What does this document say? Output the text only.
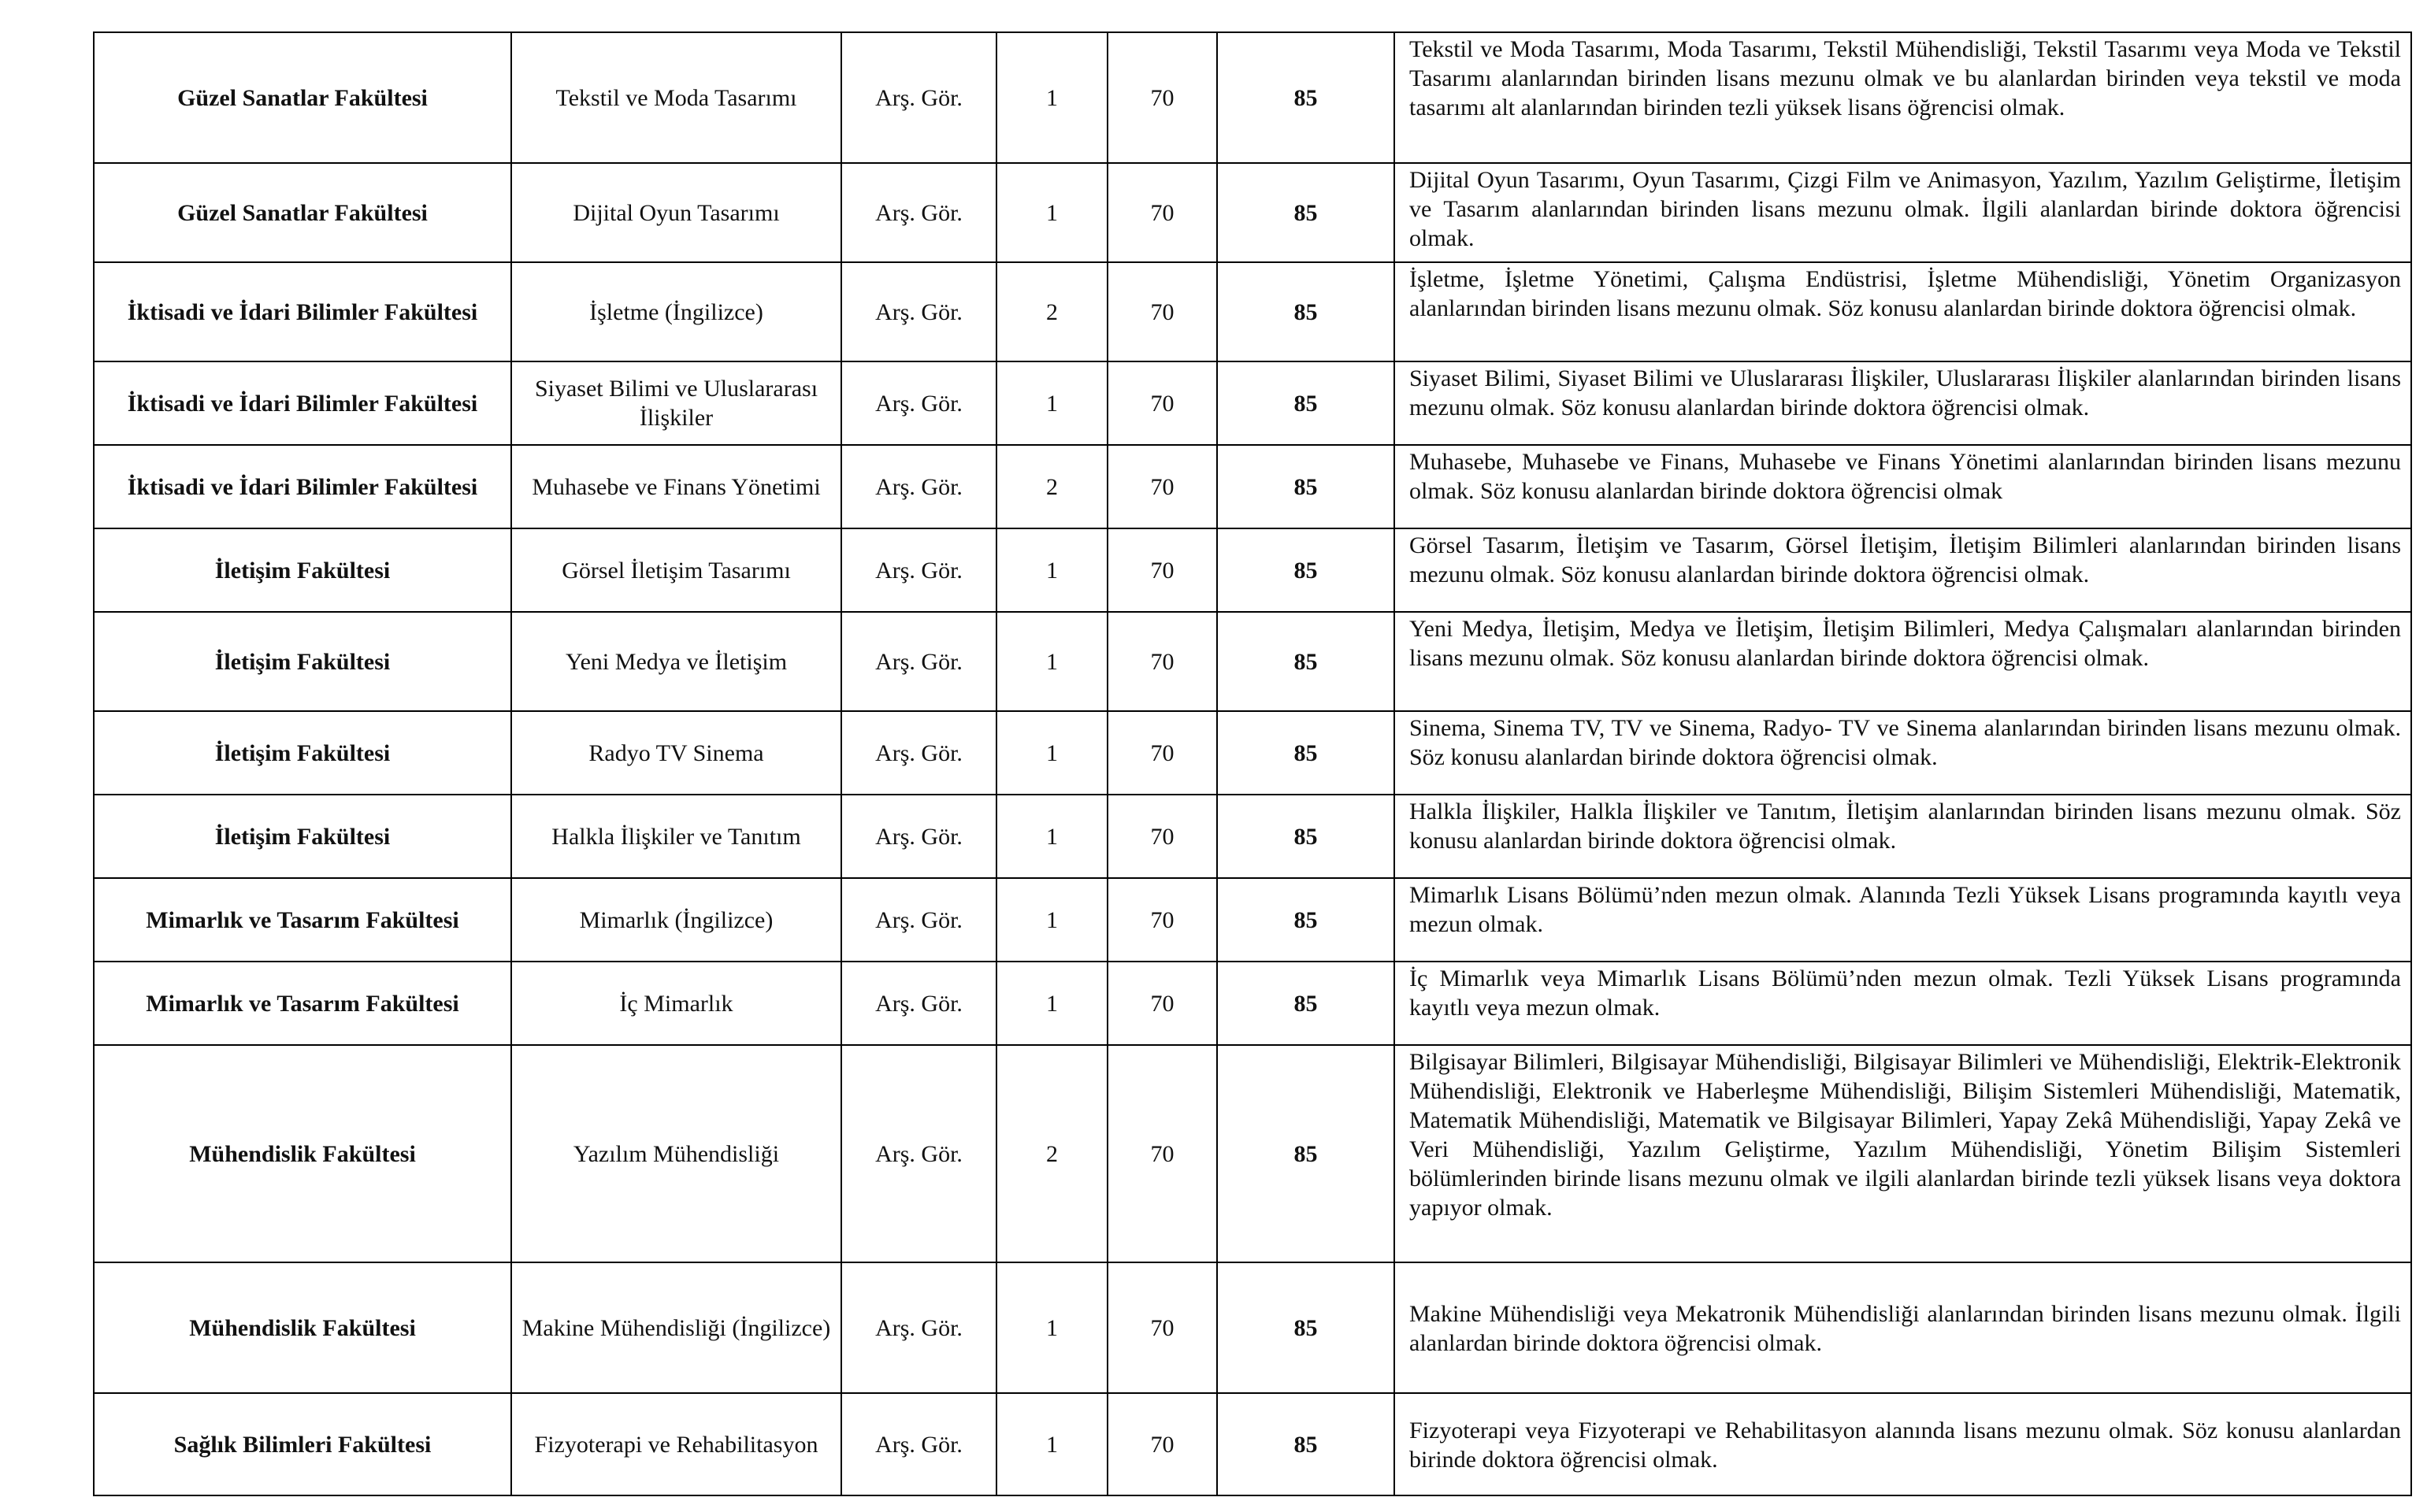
Güzel Sanatlar Fakültesi	Tekstil ve Moda Tasarımı	Arş. Gör.	1	70	85	Tekstil ve Moda Tasarımı, Moda Tasarımı, Tekstil Mühendisliği, Tekstil Tasarımı veya Moda ve Tekstil Tasarımı alanlarından birinden lisans mezunu olmak ve bu alanlardan birinden veya tekstil ve moda tasarımı alt alanlarından birinden tezli yüksek lisans öğrencisi olmak.
Güzel Sanatlar Fakültesi	Dijital Oyun Tasarımı	Arş. Gör.	1	70	85	Dijital Oyun Tasarımı, Oyun Tasarımı, Çizgi Film ve Animasyon, Yazılım, Yazılım Geliştirme, İletişim ve Tasarım alanlarından birinden lisans mezunu olmak. İlgili alanlardan birinde doktora öğrencisi olmak.
İktisadi ve İdari Bilimler Fakültesi	İşletme (İngilizce)	Arş. Gör.	2	70	85	İşletme, İşletme Yönetimi, Çalışma Endüstrisi, İşletme Mühendisliği, Yönetim Organizasyon alanlarından birinden lisans mezunu olmak. Söz konusu alanlardan birinde doktora öğrencisi olmak.
İktisadi ve İdari Bilimler Fakültesi	Siyaset Bilimi ve Uluslararası İlişkiler	Arş. Gör.	1	70	85	Siyaset Bilimi, Siyaset Bilimi ve Uluslararası İlişkiler, Uluslararası İlişkiler alanlarından birinden lisans mezunu olmak. Söz konusu alanlardan birinde doktora öğrencisi olmak.
İktisadi ve İdari Bilimler Fakültesi	Muhasebe ve Finans Yönetimi	Arş. Gör.	2	70	85	Muhasebe, Muhasebe ve Finans, Muhasebe ve Finans Yönetimi alanlarından birinden lisans mezunu olmak. Söz konusu alanlardan birinde doktora öğrencisi olmak
İletişim Fakültesi	Görsel İletişim Tasarımı	Arş. Gör.	1	70	85	Görsel Tasarım, İletişim ve Tasarım, Görsel İletişim, İletişim Bilimleri alanlarından birinden lisans mezunu olmak. Söz konusu alanlardan birinde doktora öğrencisi olmak.
İletişim Fakültesi	Yeni Medya ve İletişim	Arş. Gör.	1	70	85	Yeni Medya, İletişim, Medya ve İletişim, İletişim Bilimleri, Medya Çalışmaları alanlarından birinden lisans mezunu olmak. Söz konusu alanlardan birinde doktora öğrencisi olmak.
İletişim Fakültesi	Radyo TV Sinema	Arş. Gör.	1	70	85	Sinema, Sinema TV, TV ve Sinema, Radyo- TV ve Sinema alanlarından birinden lisans mezunu olmak. Söz konusu alanlardan birinde doktora öğrencisi olmak.
İletişim Fakültesi	Halkla İlişkiler ve Tanıtım	Arş. Gör.	1	70	85	Halkla İlişkiler, Halkla İlişkiler ve Tanıtım, İletişim alanlarından birinden lisans mezunu olmak. Söz konusu alanlardan birinde doktora öğrencisi olmak.
Mimarlık ve Tasarım Fakültesi	Mimarlık (İngilizce)	Arş. Gör.	1	70	85	Mimarlık Lisans Bölümü’nden mezun olmak. Alanında Tezli Yüksek Lisans programında kayıtlı veya mezun olmak.
Mimarlık ve Tasarım Fakültesi	İç Mimarlık	Arş. Gör.	1	70	85	İç Mimarlık veya Mimarlık Lisans Bölümü’nden mezun olmak. Tezli Yüksek Lisans programında kayıtlı veya mezun olmak.
Mühendislik Fakültesi	Yazılım Mühendisliği	Arş. Gör.	2	70	85	Bilgisayar Bilimleri, Bilgisayar Mühendisliği, Bilgisayar Bilimleri ve Mühendisliği, Elektrik-Elektronik Mühendisliği, Elektronik ve Haberleşme Mühendisliği, Bilişim Sistemleri Mühendisliği, Matematik, Matematik Mühendisliği, Matematik ve Bilgisayar Bilimleri, Yapay Zekâ Mühendisliği, Yapay Zekâ ve Veri Mühendisliği, Yazılım Geliştirme, Yazılım Mühendisliği, Yönetim Bilişim Sistemleri bölümlerinden birinde lisans mezunu olmak ve ilgili alanlardan birinde tezli yüksek lisans veya doktora yapıyor olmak.
Mühendislik Fakültesi	Makine Mühendisliği (İngilizce)	Arş. Gör.	1	70	85	Makine Mühendisliği veya Mekatronik Mühendisliği alanlarından birinden lisans mezunu olmak. İlgili alanlardan birinde doktora öğrencisi olmak.
Sağlık Bilimleri Fakültesi	Fizyoterapi ve Rehabilitasyon	Arş. Gör.	1	70	85	Fizyoterapi veya Fizyoterapi ve Rehabilitasyon alanında lisans mezunu olmak. Söz konusu alanlardan birinde doktora öğrencisi olmak.
